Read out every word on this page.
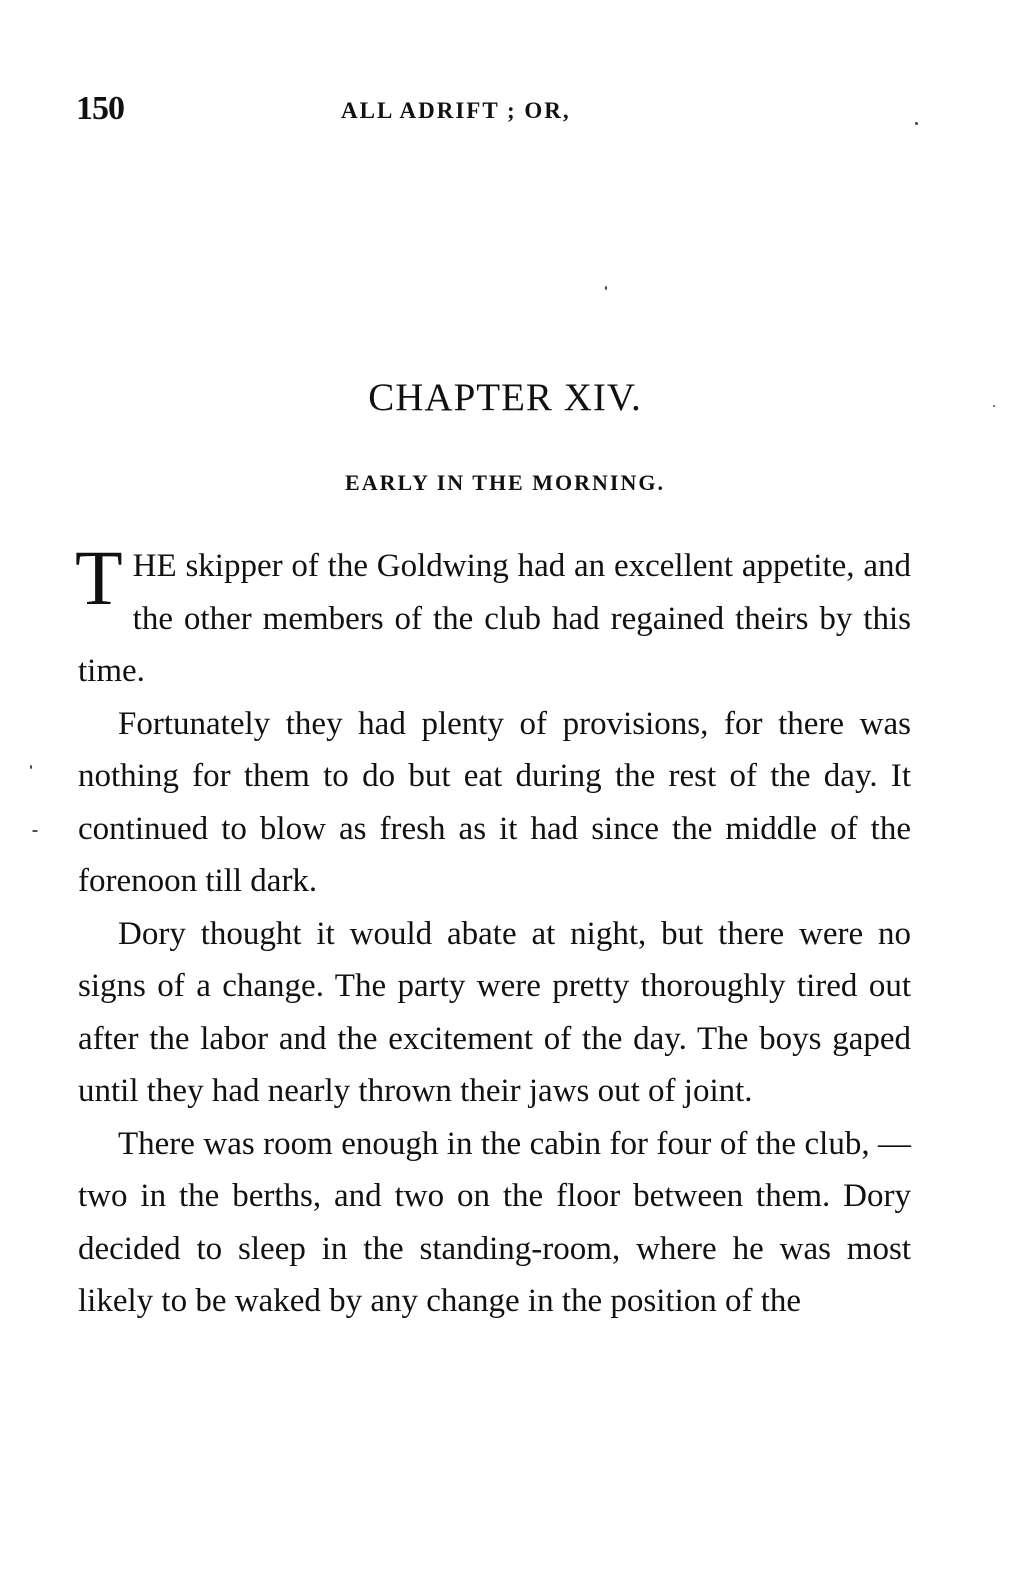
150	ALL ADRIFT ; OR,
CHAPTER XIV.
EARLY IN THE MORNING.

THE skipper of the Goldwing had an excellent appetite, and the other members of the club had regained theirs by this time.

Fortunately they had plenty of provisions, for there was nothing for them to do but eat during the rest of the day. It continued to blow as fresh as it had since the middle of the forenoon till dark.

Dory thought it would abate at night, but there were no signs of a change. The party were pretty thoroughly tired out after the labor and the excitement of the day. The boys gaped until they had nearly thrown their jaws out of joint.

There was room enough in the cabin for four of the club, — two in the berths, and two on the floor between them. Dory decided to sleep in the standing-room, where he was most likely to be waked by any change in the position of the
